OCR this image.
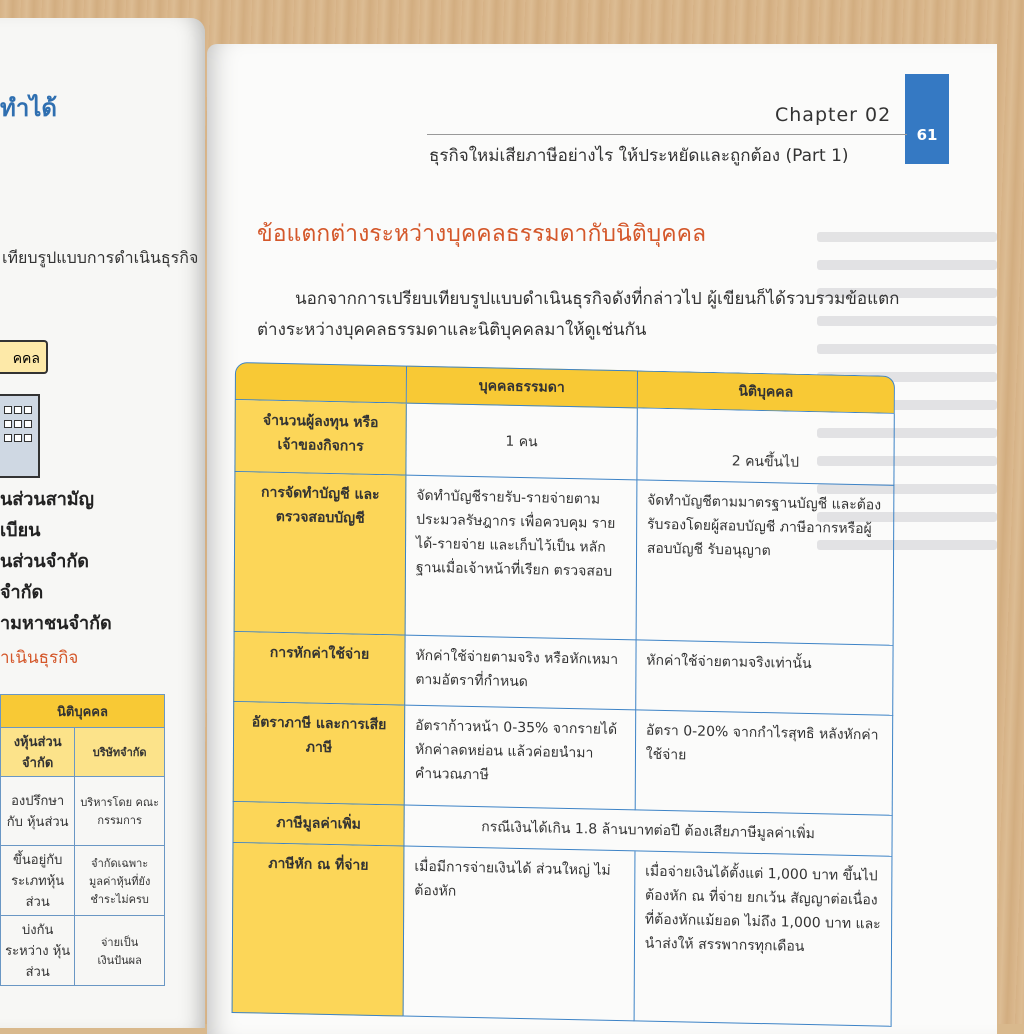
ทำได้
เทียบรูปแบบการดำเนินธุรกิจ
คคล
นส่วนสามัญ
เบียน
นส่วนจำกัด
จำกัด
ามหาชนจำกัด
ำเนินธุรกิจ
นิติบุคคล	
งหุ้นส่วนจำกัด	บริษัทจำกัด
องปรึกษากับ หุ้นส่วน	บริหารโดย คณะกรรมการ
ขึ้นอยู่กับ ระเภทหุ้นส่วน	จำกัดเฉพาะ มูลค่าหุ้นที่ยัง ชำระไม่ครบ
บ่งกันระหว่าง หุ้นส่วน	จ่ายเป็น เงินปันผล
61
Chapter 02
ธุรกิจใหม่เสียภาษีอย่างไร ให้ประหยัดและถูกต้อง (Part 1)
ข้อแตกต่างระหว่างบุคคลธรรมดากับนิติบุคคล
นอกจากการเปรียบเทียบรูปแบบดำเนินธุรกิจดังที่กล่าวไป ผู้เขียนก็ได้รวบรวมข้อแตกต่างระหว่างบุคคลธรรมดาและนิติบุคคลมาให้ดูเช่นกัน
	บุคคลธรรมดา	นิติบุคคล
จำนวนผู้ลงทุน หรือเจ้าของกิจการ	1 คน	2 คนขึ้นไป
การจัดทำบัญชี และตรวจสอบบัญชี	จัดทำบัญชีรายรับ-รายจ่ายตาม ประมวลรัษฎากร เพื่อควบคุม รายได้-รายจ่าย และเก็บไว้เป็น หลักฐานเมื่อเจ้าหน้าที่เรียก ตรวจสอบ	จัดทำบัญชีตามมาตรฐานบัญชี และต้องรับรองโดยผู้สอบบัญชี ภาษีอากรหรือผู้สอบบัญชี รับอนุญาต
การหักค่าใช้จ่าย	หักค่าใช้จ่ายตามจริง หรือหักเหมาตามอัตราที่กำหนด	หักค่าใช้จ่ายตามจริงเท่านั้น
อัตราภาษี และการเสียภาษี	อัตราก้าวหน้า 0-35% จากรายได้หักค่าลดหย่อน แล้วค่อยนำมาคำนวณภาษี	อัตรา 0-20% จากกำไรสุทธิ หลังหักค่าใช้จ่าย
ภาษีมูลค่าเพิ่ม	กรณีเงินได้เกิน 1.8 ล้านบาทต่อปี ต้องเสียภาษีมูลค่าเพิ่ม	
ภาษีหัก ณ ที่จ่าย	เมื่อมีการจ่ายเงินได้ ส่วนใหญ่ ไม่ต้องหัก	เมื่อจ่ายเงินได้ตั้งแต่ 1,000 บาท ขึ้นไป ต้องหัก ณ ที่จ่าย ยกเว้น สัญญาต่อเนื่องที่ต้องหักแม้ยอด ไม่ถึง 1,000 บาท และนำส่งให้ สรรพากรทุกเดือน
